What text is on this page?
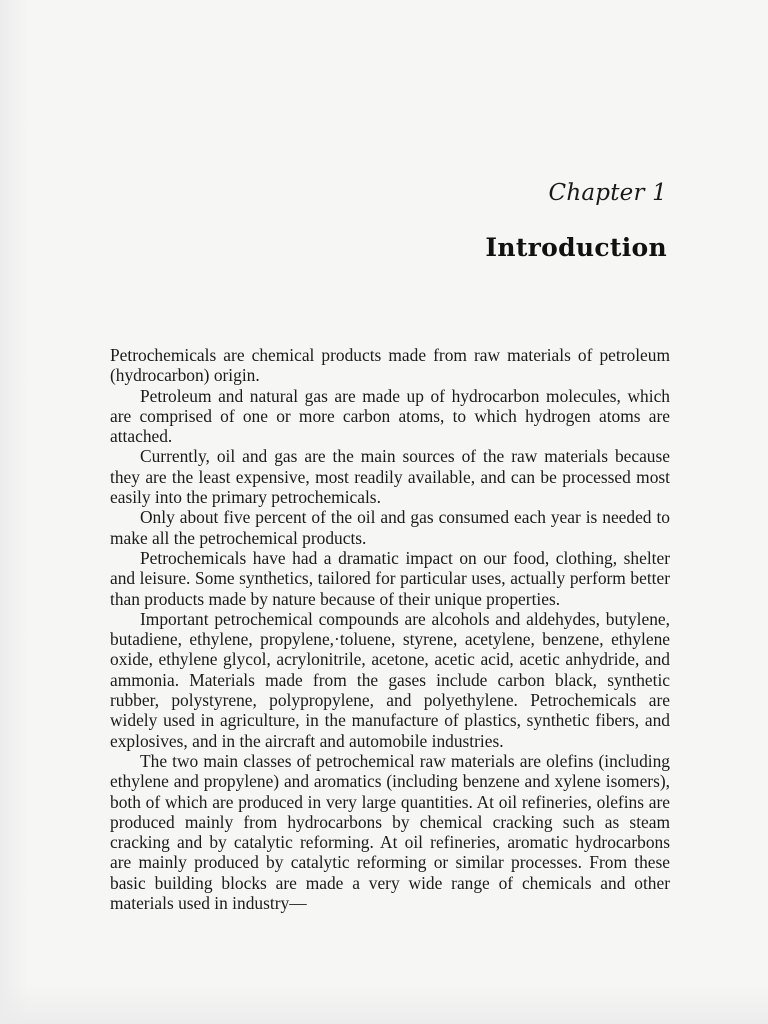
Chapter 1
Introduction

Petrochemicals are chemical products made from raw materials of petroleum (hydrocarbon) origin.

Petroleum and natural gas are made up of hydrocarbon molecules, which are comprised of one or more carbon atoms, to which hydrogen atoms are attached.

Currently, oil and gas are the main sources of the raw materials because they are the least expensive, most readily available, and can be processed most easily into the primary petrochemicals.

Only about five percent of the oil and gas consumed each year is needed to make all the petrochemical products.

Petrochemicals have had a dramatic impact on our food, clothing, shelter and leisure. Some synthetics, tailored for particular uses, actually perform better than products made by nature because of their unique properties.

Important petrochemical compounds are alcohols and aldehydes, butylene, butadiene, ethylene, propylene,·toluene, styrene, acetylene, benzene, ethylene oxide, ethylene glycol, acrylonitrile, acetone, acetic acid, acetic anhydride, and ammonia. Materials made from the gases include carbon black, synthetic rubber, polystyrene, polypropylene, and polyethylene. Petrochemicals are widely used in agriculture, in the manufacture of plastics, synthetic fibers, and explosives, and in the aircraft and automobile industries.

The two main classes of petrochemical raw materials are olefins (including ethylene and propylene) and aromatics (including benzene and xylene isomers), both of which are produced in very large quantities. At oil refineries, olefins are produced mainly from hydrocarbons by chemical cracking such as steam cracking and by catalytic reforming. At oil refineries, aromatic hydrocarbons are mainly produced by catalytic reforming or similar processes. From these basic building blocks are made a very wide range of chemicals and other materials used in industry—
